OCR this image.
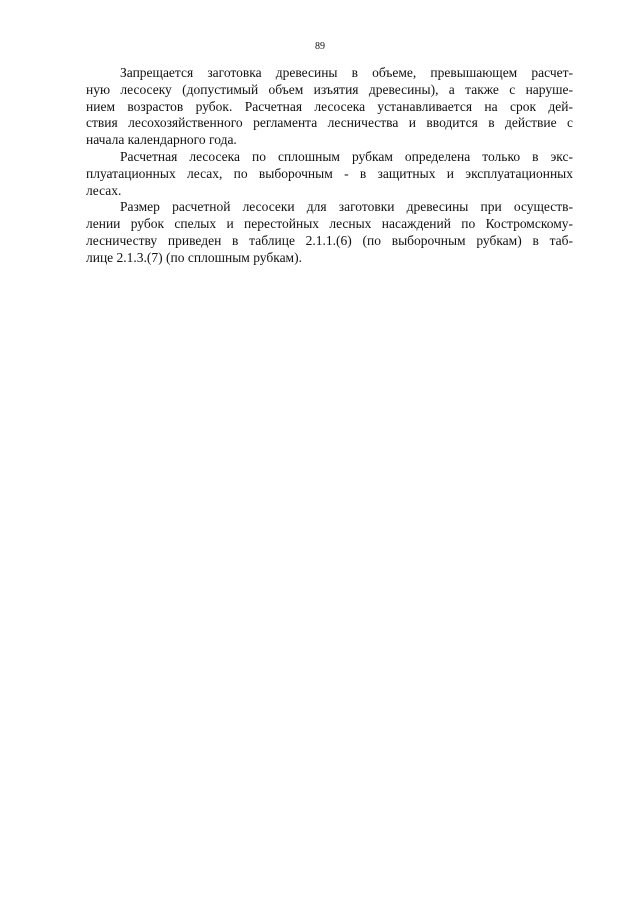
89

Запрещается заготовка древесины в объеме, превышающем расчет-
ную лесосеку (допустимый объем изъятия древесины), а также с наруше-
нием возрастов рубок. Расчетная лесосека устанавливается на срок дей-
ствия лесохозяйственного регламента лесничества и вводится в действие с
начала календарного года.

Расчетная лесосека по сплошным рубкам определена только в экс-
плуатационных лесах, по выборочным - в защитных и эксплуатационных
лесах.

Размер расчетной лесосеки для заготовки древесины при осуществ-
лении рубок спелых и перестойных лесных насаждений по Костромскому-
лесничеству приведен в таблице 2.1.1.(6) (по выборочным рубкам) в таб-
лице 2.1.3.(7) (по сплошным рубкам).
